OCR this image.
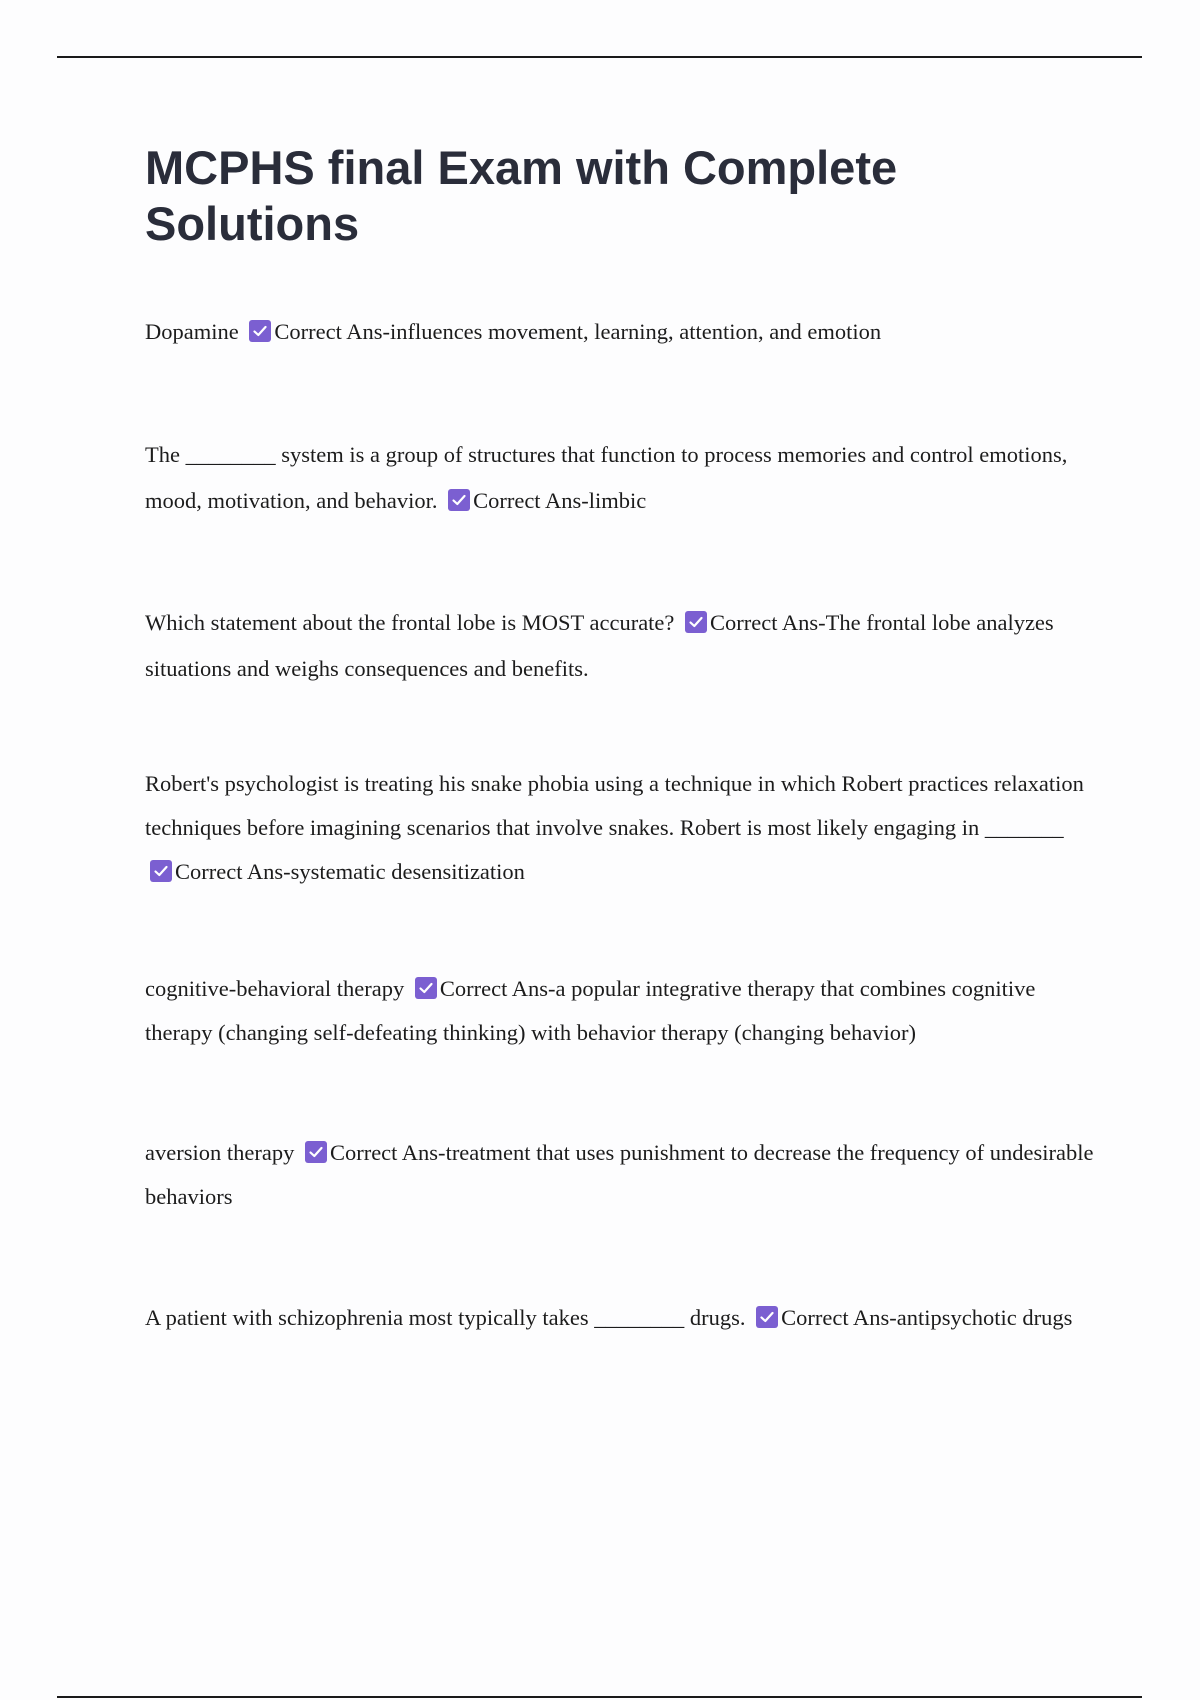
MCPHS final Exam with Complete Solutions

Dopamine Correct Ans-influences movement, learning, attention, and emotion

The ________ system is a group of structures that function to process memories and control emotions, mood, motivation, and behavior. Correct Ans-limbic

Which statement about the frontal lobe is MOST accurate? Correct Ans-The frontal lobe analyzes situations and weighs consequences and benefits.

Robert's psychologist is treating his snake phobia using a technique in which Robert practices relaxation techniques before imagining scenarios that involve snakes. Robert is most likely engaging in _______
Correct Ans-systematic desensitization

cognitive-behavioral therapy Correct Ans-a popular integrative therapy that combines cognitive therapy (changing self-defeating thinking) with behavior therapy (changing behavior)

aversion therapy Correct Ans-treatment that uses punishment to decrease the frequency of undesirable behaviors

A patient with schizophrenia most typically takes ________ drugs. Correct Ans-antipsychotic drugs
